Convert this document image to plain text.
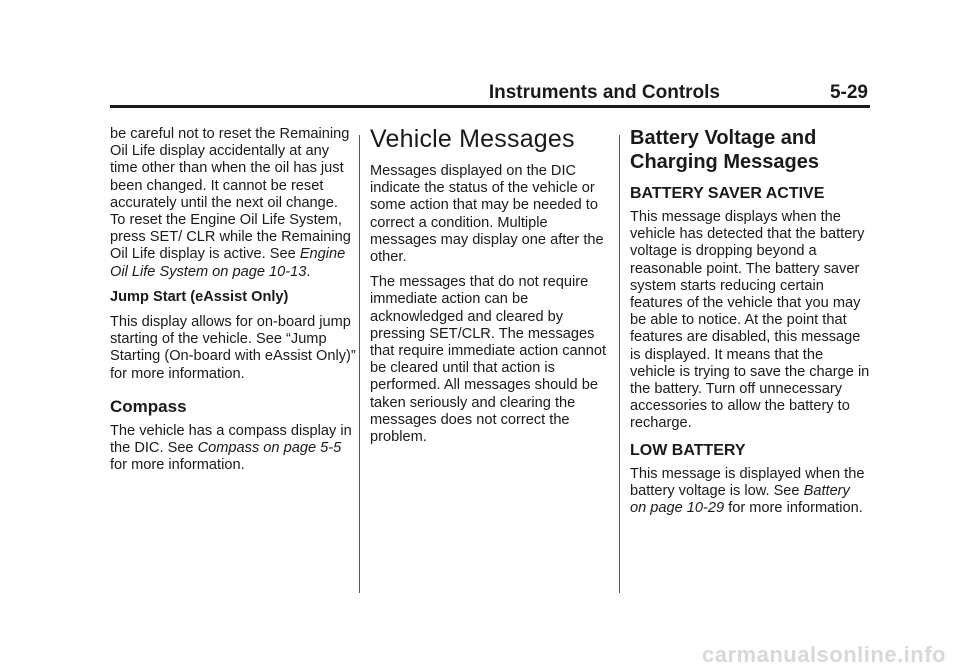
Instruments and Controls	5-29

be careful not to reset the Remaining Oil Life display accidentally at any time other than when the oil has just been changed. It cannot be reset accurately until the next oil change. To reset the Engine Oil Life System, press SET/ CLR while the Remaining Oil Life display is active. See Engine Oil Life System on page 10-13.

Jump Start (eAssist Only)

This display allows for on-board jump starting of the vehicle. See “Jump Starting (On-board with eAssist Only)” for more information.

Compass

The vehicle has a compass display in the DIC. See Compass on page 5-5 for more information.

Vehicle Messages

Messages displayed on the DIC indicate the status of the vehicle or some action that may be needed to correct a condition. Multiple messages may display one after the other.

The messages that do not require immediate action can be acknowledged and cleared by pressing SET/CLR. The messages that require immediate action cannot be cleared until that action is performed. All messages should be taken seriously and clearing the messages does not correct the problem.

Battery Voltage and Charging Messages
BATTERY SAVER ACTIVE

This message displays when the vehicle has detected that the battery voltage is dropping beyond a reasonable point. The battery saver system starts reducing certain features of the vehicle that you may be able to notice. At the point that features are disabled, this message is displayed. It means that the vehicle is trying to save the charge in the battery. Turn off unnecessary accessories to allow the battery to recharge.

LOW BATTERY

This message is displayed when the battery voltage is low. See Battery on page 10-29 for more information.

carmanualsonline.info
